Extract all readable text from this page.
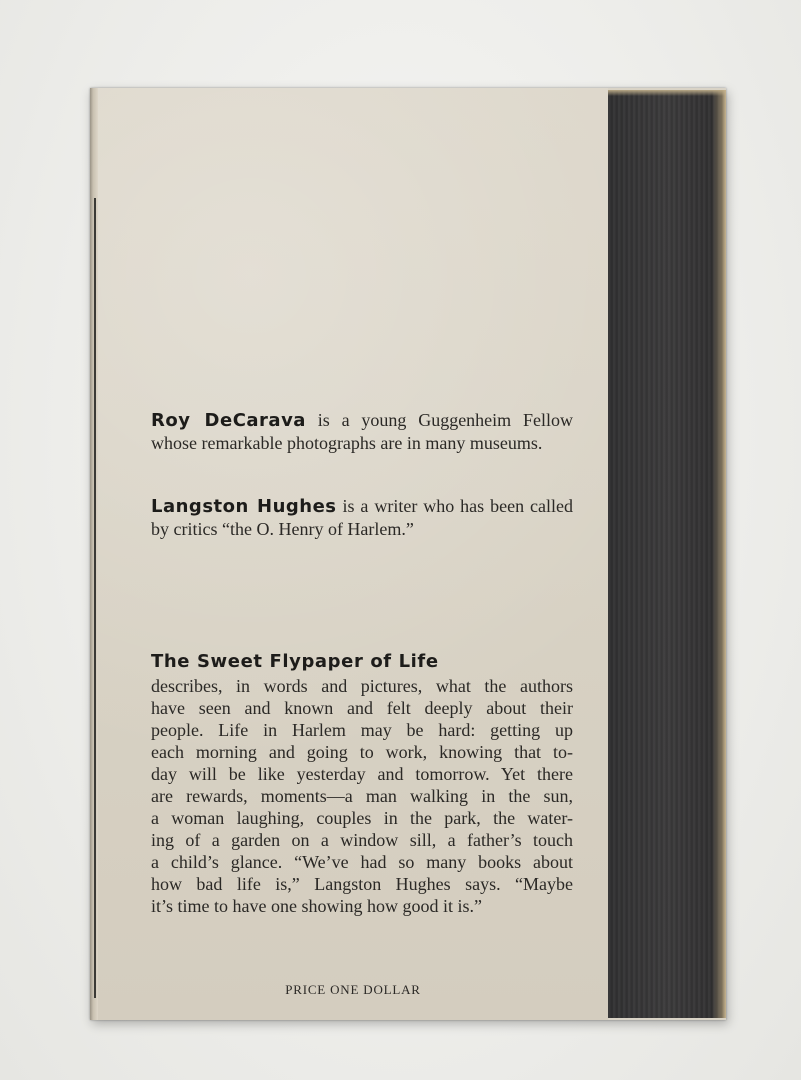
Roy DeCarava is a young Guggenheim Fellow whose remarkable photographs are in many museums.
Langston Hughes is a writer who has been called by critics “the O. Henry of Harlem.”
The Sweet Flypaper of Life
describes, in words and pictures, what the authors
have seen and known and felt deeply about their
people. Life in Harlem may be hard: getting up
each morning and going to work, knowing that to-
day will be like yesterday and tomorrow. Yet there
are rewards, moments—a man walking in the sun,
a woman laughing, couples in the park, the water-
ing of a garden on a window sill, a father’s touch
a child’s glance. “We’ve had so many books about
how bad life is,” Langston Hughes says. “Maybe
it’s time to have one showing how good it is.”
PRICE ONE DOLLAR
